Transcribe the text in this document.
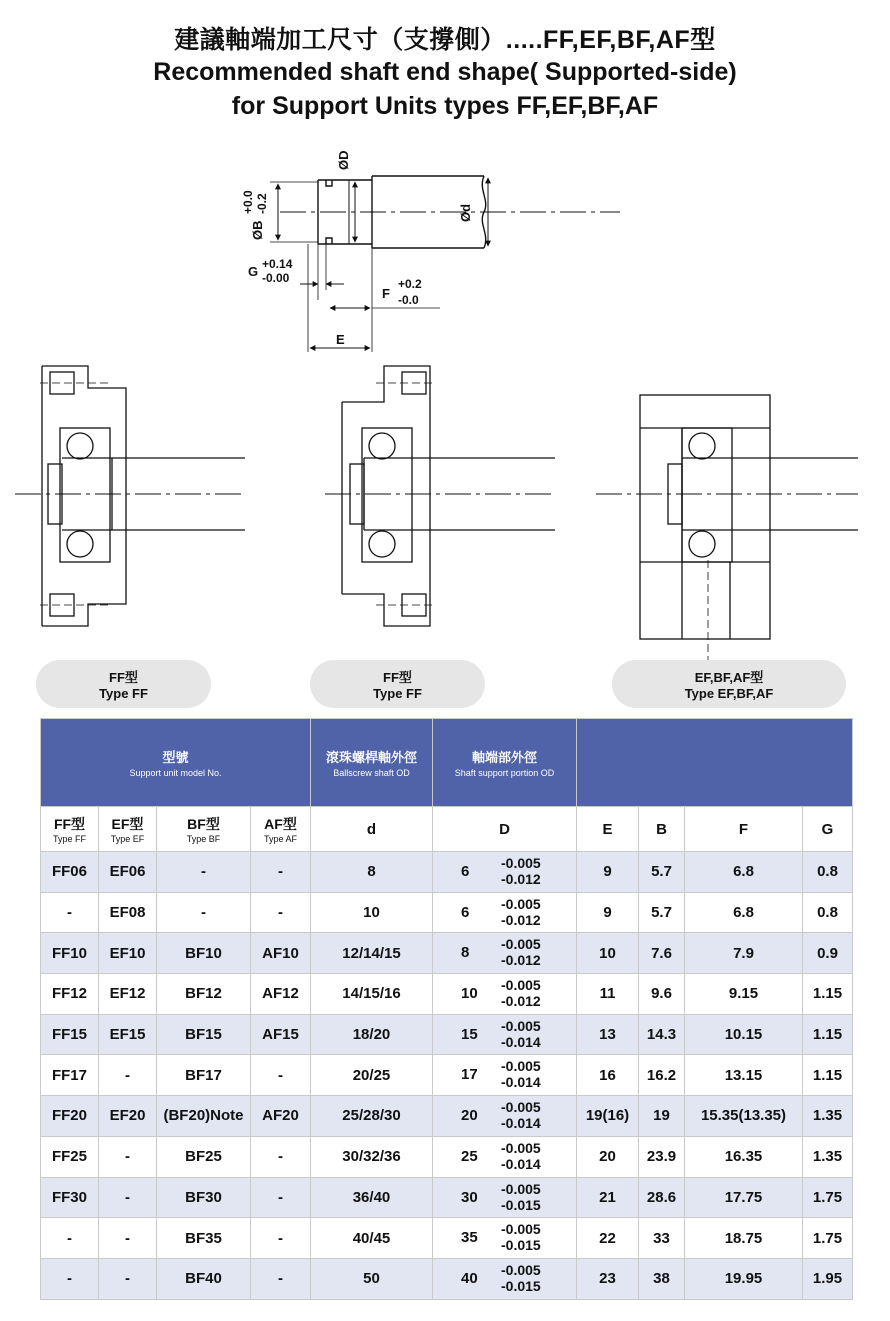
建議軸端加工尺寸（支撐側）.....FF,EF,BF,AF型
Recommended shaft end shape( Supported-side)
for Support Units types FF,EF,BF,AF
ØD
Ød
ØB
+0.0 -0.2
G +0.14
-0.00
F
+0.2
-0.0
E
FF型
Type FF
FF型
Type FF
EF,BF,AF型
Type EF,BF,AF
型號
Support unit model No.				滾珠螺桿軸外徑
Ballscrew shaft OD	軸端部外徑
Shaft support portion OD				

FF型
Type FF	EF型
Type EF	BF型
Type BF	AF型
Type AF	d	D	E	B	F	G
FF06	EF06	-	-	8	6 -0.005
-0.012	9	5.7	6.8	0.8
-	EF08	-	-	10	6 -0.005
-0.012	9	5.7	6.8	0.8
FF10	EF10	BF10	AF10	12/14/15	8 -0.005
-0.012	10	7.6	7.9	0.9
FF12	EF12	BF12	AF12	14/15/16	10 -0.005
-0.012	11	9.6	9.15	1.15
FF15	EF15	BF15	AF15	18/20	15 -0.005
-0.014	13	14.3	10.15	1.15
FF17	-	BF17	-	20/25	17 -0.005
-0.014	16	16.2	13.15	1.15
FF20	EF20	(BF20)Note	AF20	25/28/30	20 -0.005
-0.014	19(16)	19	15.35(13.35)	1.35
FF25	-	BF25	-	30/32/36	25 -0.005
-0.014	20	23.9	16.35	1.35
FF30	-	BF30	-	36/40	30 -0.005
-0.015	21	28.6	17.75	1.75
-	-	BF35	-	40/45	35 -0.005
-0.015	22	33	18.75	1.75
-	-	BF40	-	50	40 -0.005
-0.015	23	38	19.95	1.95
